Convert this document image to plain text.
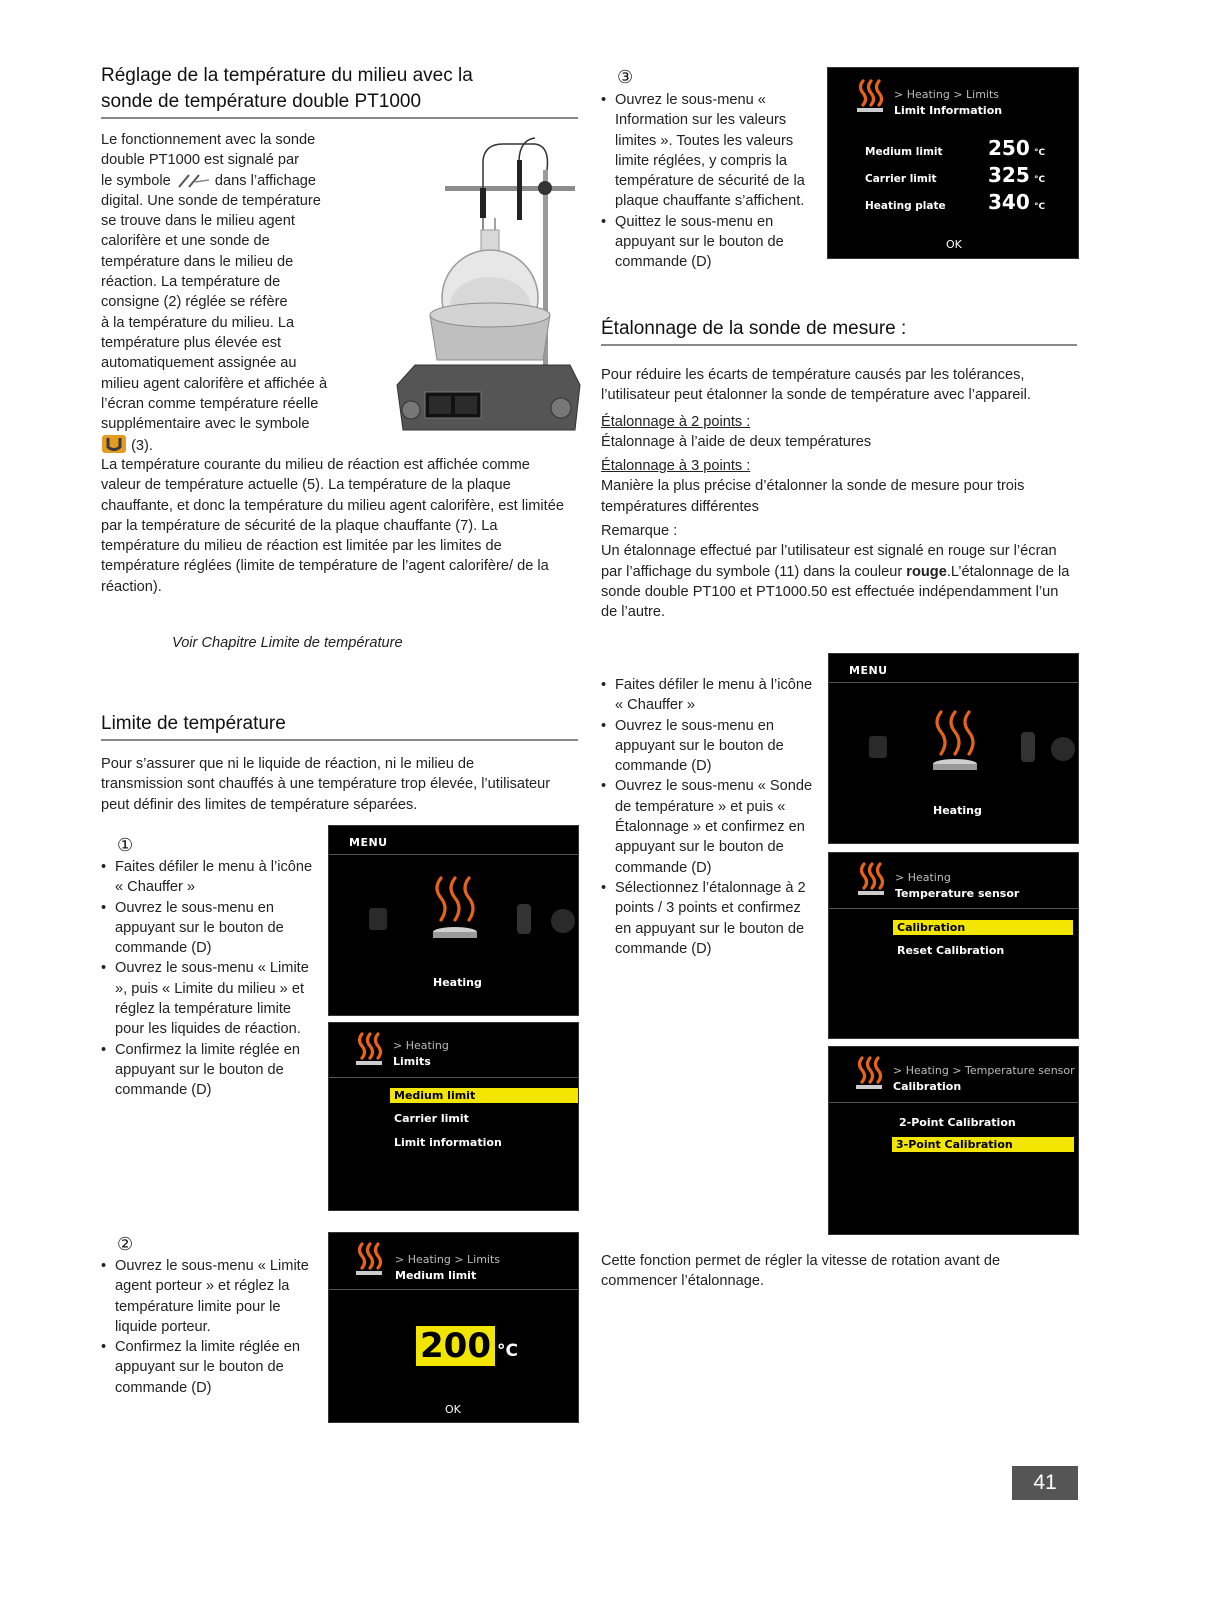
Réglage de la température du milieu avec la
sonde de température double PT1000

Le fonctionnement avec la sonde

double PT1000 est signalé par

le symbole	dans l’affichage

digital. Une sonde de température

se trouve dans le milieu agent

calorifère et une sonde de

température dans le milieu de

réaction. La température de

consigne (2) réglée se réfère

à la température du milieu. La

température plus élevée est

automatiquement assignée au

milieu agent calorifère et affichée à

l’écran comme température réelle

supplémentaire avec le symbole

(3).

La température courante du milieu de réaction est affichée comme valeur de température actuelle (5). La température de la plaque chauffante, et donc la température du milieu agent calorifère, est limitée par la température de sécurité de la plaque chauffante (7). La température du milieu de réaction est limitée par les limites de température réglées (limite de température de l’agent calorifère/ de la réaction).

Voir Chapitre Limite de température
Limite de température
Pour s’assurer que ni le liquide de réaction, ni le milieu de transmission sont chauffés à une température trop élevée, l’utilisateur peut définir des limites de température séparées.
①
• Faites défiler le menu à l’icône « Chauffer »
• Ouvrez le sous-menu en appuyant sur le bouton de commande (D)
• Ouvrez le sous-menu « Limite », puis « Limite du milieu » et réglez la température limite pour les liquides de réaction.
• Confirmez la limite réglée en appuyant sur le bouton de commande (D)
②
• Ouvrez le sous-menu « Limite agent porteur » et réglez la température limite pour le liquide porteur.
• Confirmez la limite réglée en appuyant sur le bouton de commande (D)
MENU
Heating
> Heating
Limits
Medium limit
Carrier limit
Limit information
> Heating > Limits
Medium limit
200 °C
OK
③
• Ouvrez le sous-menu « Information sur les valeurs limites ». Toutes les valeurs limite réglées, y compris la température de sécurité de la plaque chauffante s’affichent.
• Quittez le sous-menu en appuyant sur le bouton de commande (D)
> Heating > Limits
Limit Information
Medium limit 250 °C
Carrier limit	325 °C
Heating plate 340 °C
OK
Étalonnage de la sonde de mesure :

Pour réduire les écarts de température causés par les tolérances, l’utilisateur peut étalonner la sonde de température avec l’appareil.

Étalonnage à 2 points :

Étalonnage à l’aide de deux températures

Étalonnage à 3 points :

Manière la plus précise d’étalonner la sonde de mesure pour trois températures différentes

Remarque :

Un étalonnage effectué par l’utilisateur est signalé en rouge sur l’écran par l’affichage du symbole (11) dans la couleur rouge.L’étalonnage de la sonde double PT100 et PT1000.50 est effectuée indépendamment l’un de l’autre.

• Faites défiler le menu à l’icône « Chauffer »
• Ouvrez le sous-menu en appuyant sur le bouton de commande (D)
• Ouvrez le sous-menu « Sonde de température » et puis « Étalonnage » et confirmez en appuyant sur le bouton de commande (D)
• Sélectionnez l’étalonnage à 2 points / 3 points et confirmez en appuyant sur le bouton de commande (D)
MENU
Heating
> Heating
Temperature sensor
Calibration
Reset Calibration
> Heating > Temperature sensor
Calibration
2-Point Calibration
3-Point Calibration
Cette fonction permet de régler la vitesse de rotation avant de commencer l’étalonnage.
41
